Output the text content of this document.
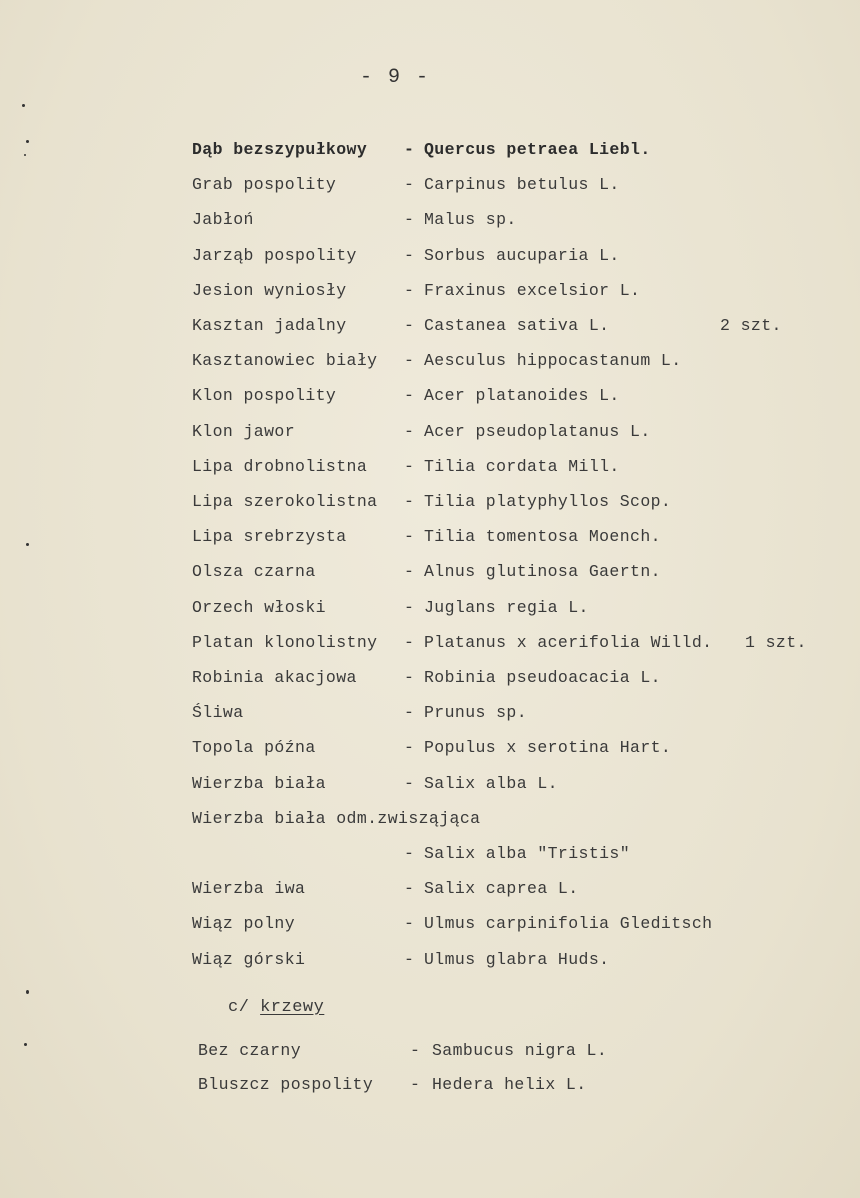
- 9 -
Dąb bezszypułkowy - Quercus petraea Liebl.
Grab pospolity	- Carpinus betulus L.
Jabłoń	- Malus sp.
Jarząb pospolity	- Sorbus aucuparia L.
Jesion wyniosły	- Fraxinus excelsior L.
Kasztan jadalny	- Castanea sativa L.	2 szt.
Kasztanowiec biały - Aesculus hippocastanum L.
Klon pospolity	- Acer platanoides L.
Klon jawor	- Acer pseudoplatanus L.
Lipa drobnolistna - Tilia cordata Mill.
Lipa szerokolistna - Tilia platyphyllos Scop.
Lipa srebrzysta	- Tilia tomentosa Moench.
Olsza czarna	- Alnus glutinosa Gaertn.
Orzech włoski	- Juglans regia L.
Platan klonolistny - Platanus x acerifolia Willd. 1 szt.
Robinia akacjowa	- Robinia pseudoacacia L.
Śliwa	- Prunus sp.
Topola późna	- Populus x serotina Hart.
Wierzba biała	- Salix alba L.
Wierzba biała odm.zwisząjąca
- Salix alba "Tristis"
Wierzba iwa	- Salix caprea L.
Wiąz polny	- Ulmus carpinifolia Gleditsch
Wiąz górski	- Ulmus glabra Huds.
c/ krzewy
Bez czarny	- Sambucus nigra L.
Bluszcz pospolity - Hedera helix L.
